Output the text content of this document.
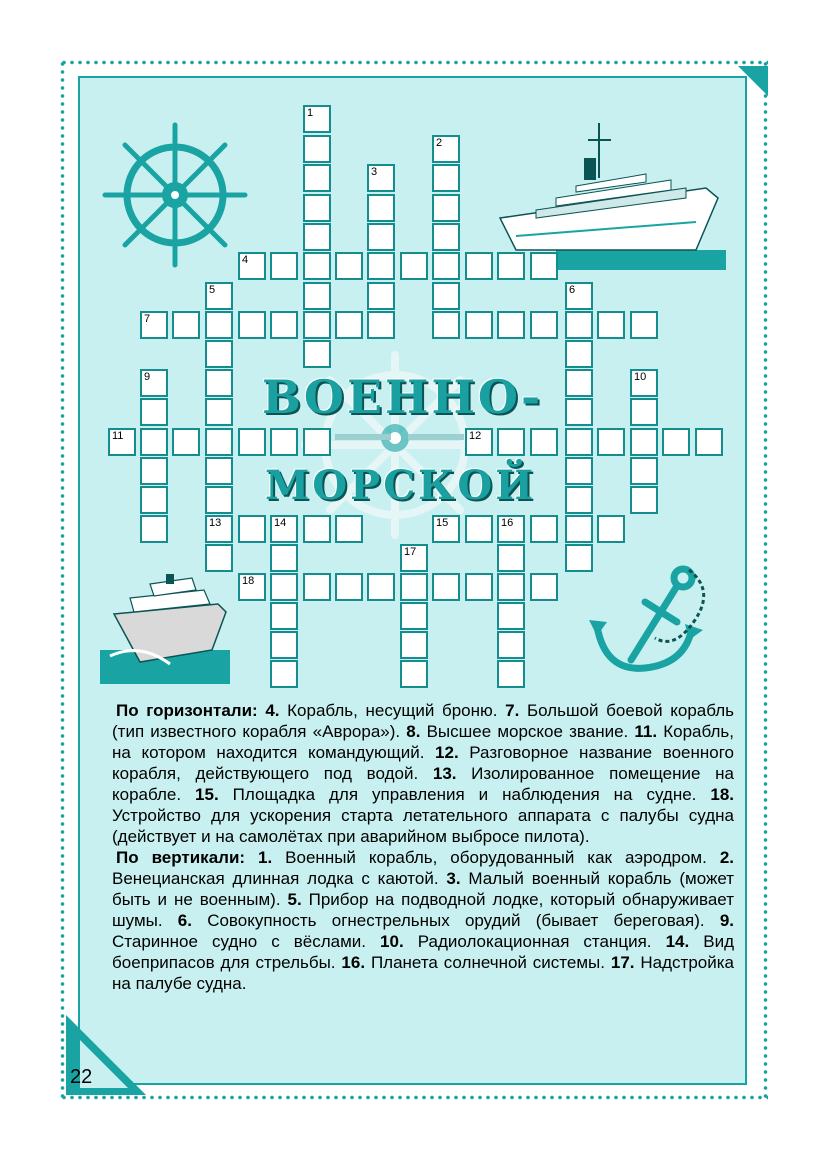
1
2
3
4
5	6
7
9	10
11	12
13	14	15	16
17
18
ВОЕННО-
МОРСКОЙ

По горизонтали: 4. Корабль, несущий броню. 7. Большой боевой корабль (тип известного корабля «Аврора»). 8. Высшее морское звание. 11. Корабль, на котором находится командующий. 12. Разговорное название военного корабля, действующего под водой. 13. Изолированное помещение на корабле. 15. Площадка для управления и наблюдения на судне. 18. Устройство для ускорения старта летательного аппарата с палубы судна (действует и на самолётах при аварийном выбросе пилота).

По вертикали: 1. Военный корабль, оборудованный как аэродром. 2. Венецианская длинная лодка с каютой. 3. Малый военный корабль (может быть и не военным). 5. Прибор на подводной лодке, который обнаруживает шумы. 6. Совокупность огнестрельных орудий (бывает береговая). 9. Старинное судно с вёслами. 10. Радиолокационная станция. 14. Вид боеприпасов для стрельбы. 16. Планета солнечной системы. 17. Надстройка на палубе судна.

22
